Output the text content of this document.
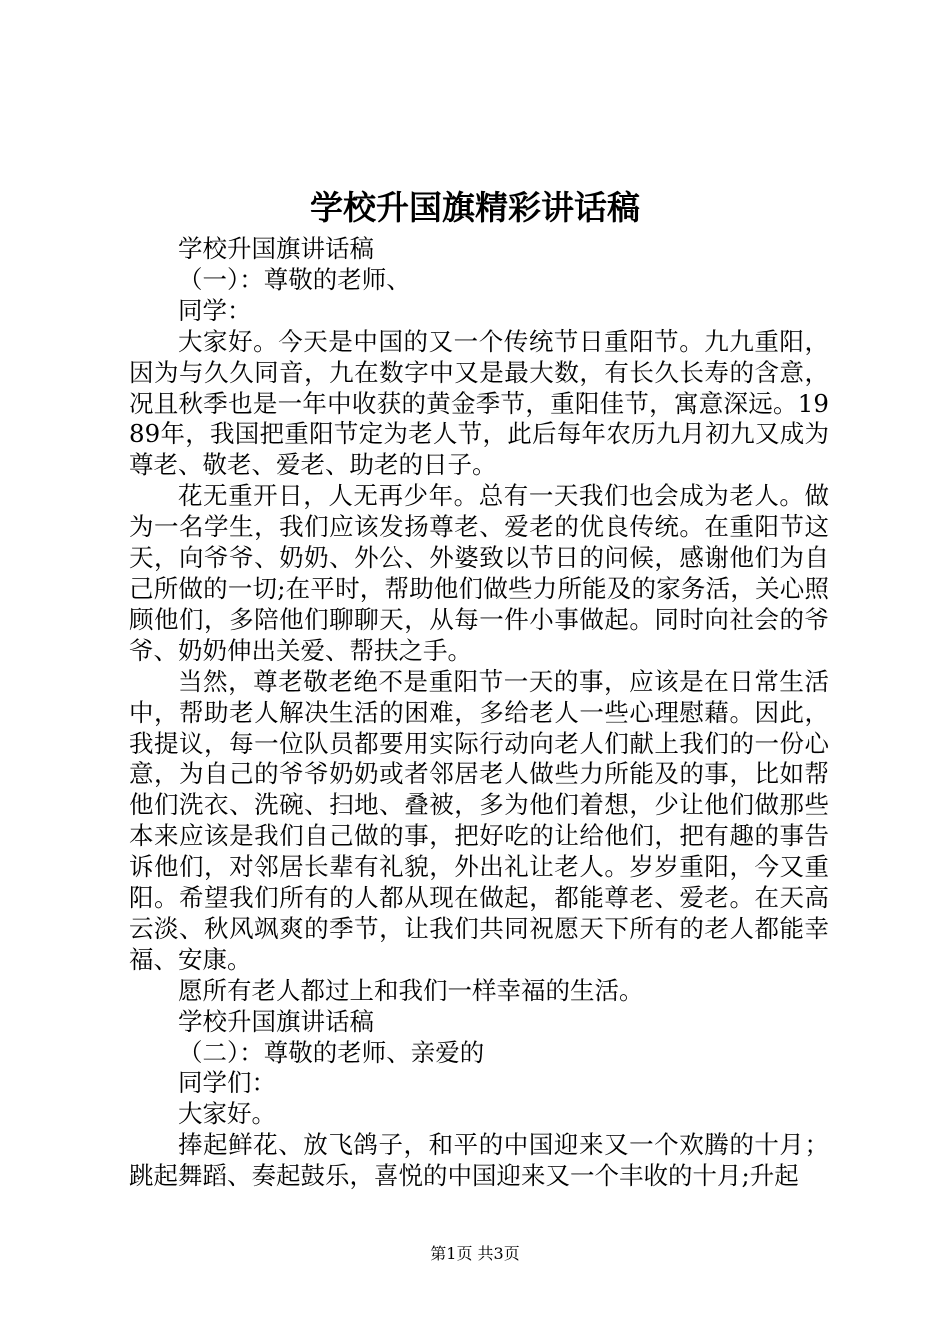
学校升国旗精彩讲话稿

学校升国旗讲话稿

（一）：尊敬的老师、

同学：

大家好。今天是中国的又一个传统节日重阳节。九九重阳，因为与久久同音，九在数字中又是最大数，有长久长寿的含意，况且秋季也是一年中收获的黄金季节，重阳佳节，寓意深远。1989年，我国把重阳节定为老人节，此后每年农历九月初九又成为尊老、敬老、爱老、助老的日子。

花无重开日，人无再少年。总有一天我们也会成为老人。做为一名学生，我们应该发扬尊老、爱老的优良传统。在重阳节这天，向爷爷、奶奶、外公、外婆致以节日的问候，感谢他们为自己所做的一切;在平时，帮助他们做些力所能及的家务活，关心照顾他们，多陪他们聊聊天，从每一件小事做起。同时向社会的爷爷、奶奶伸出关爱、帮扶之手。

当然，尊老敬老绝不是重阳节一天的事，应该是在日常生活中，帮助老人解决生活的困难，多给老人一些心理慰藉。因此，我提议，每一位队员都要用实际行动向老人们献上我们的一份心意，为自己的爷爷奶奶或者邻居老人做些力所能及的事，比如帮他们洗衣、洗碗、扫地、叠被，多为他们着想，少让他们做那些本来应该是我们自己做的事，把好吃的让给他们，把有趣的事告诉他们，对邻居长辈有礼貌，外出礼让老人。岁岁重阳，今又重阳。希望我们所有的人都从现在做起，都能尊老、爱老。在天高云淡、秋风飒爽的季节，让我们共同祝愿天下所有的老人都能幸福、安康。

愿所有老人都过上和我们一样幸福的生活。

学校升国旗讲话稿

（二）：尊敬的老师、亲爱的

同学们：

大家好。

捧起鲜花、放飞鸽子，和平的中国迎来又一个欢腾的十月；跳起舞蹈、奏起鼓乐，喜悦的中国迎来又一个丰收的十月;升起

第1页 共3页
